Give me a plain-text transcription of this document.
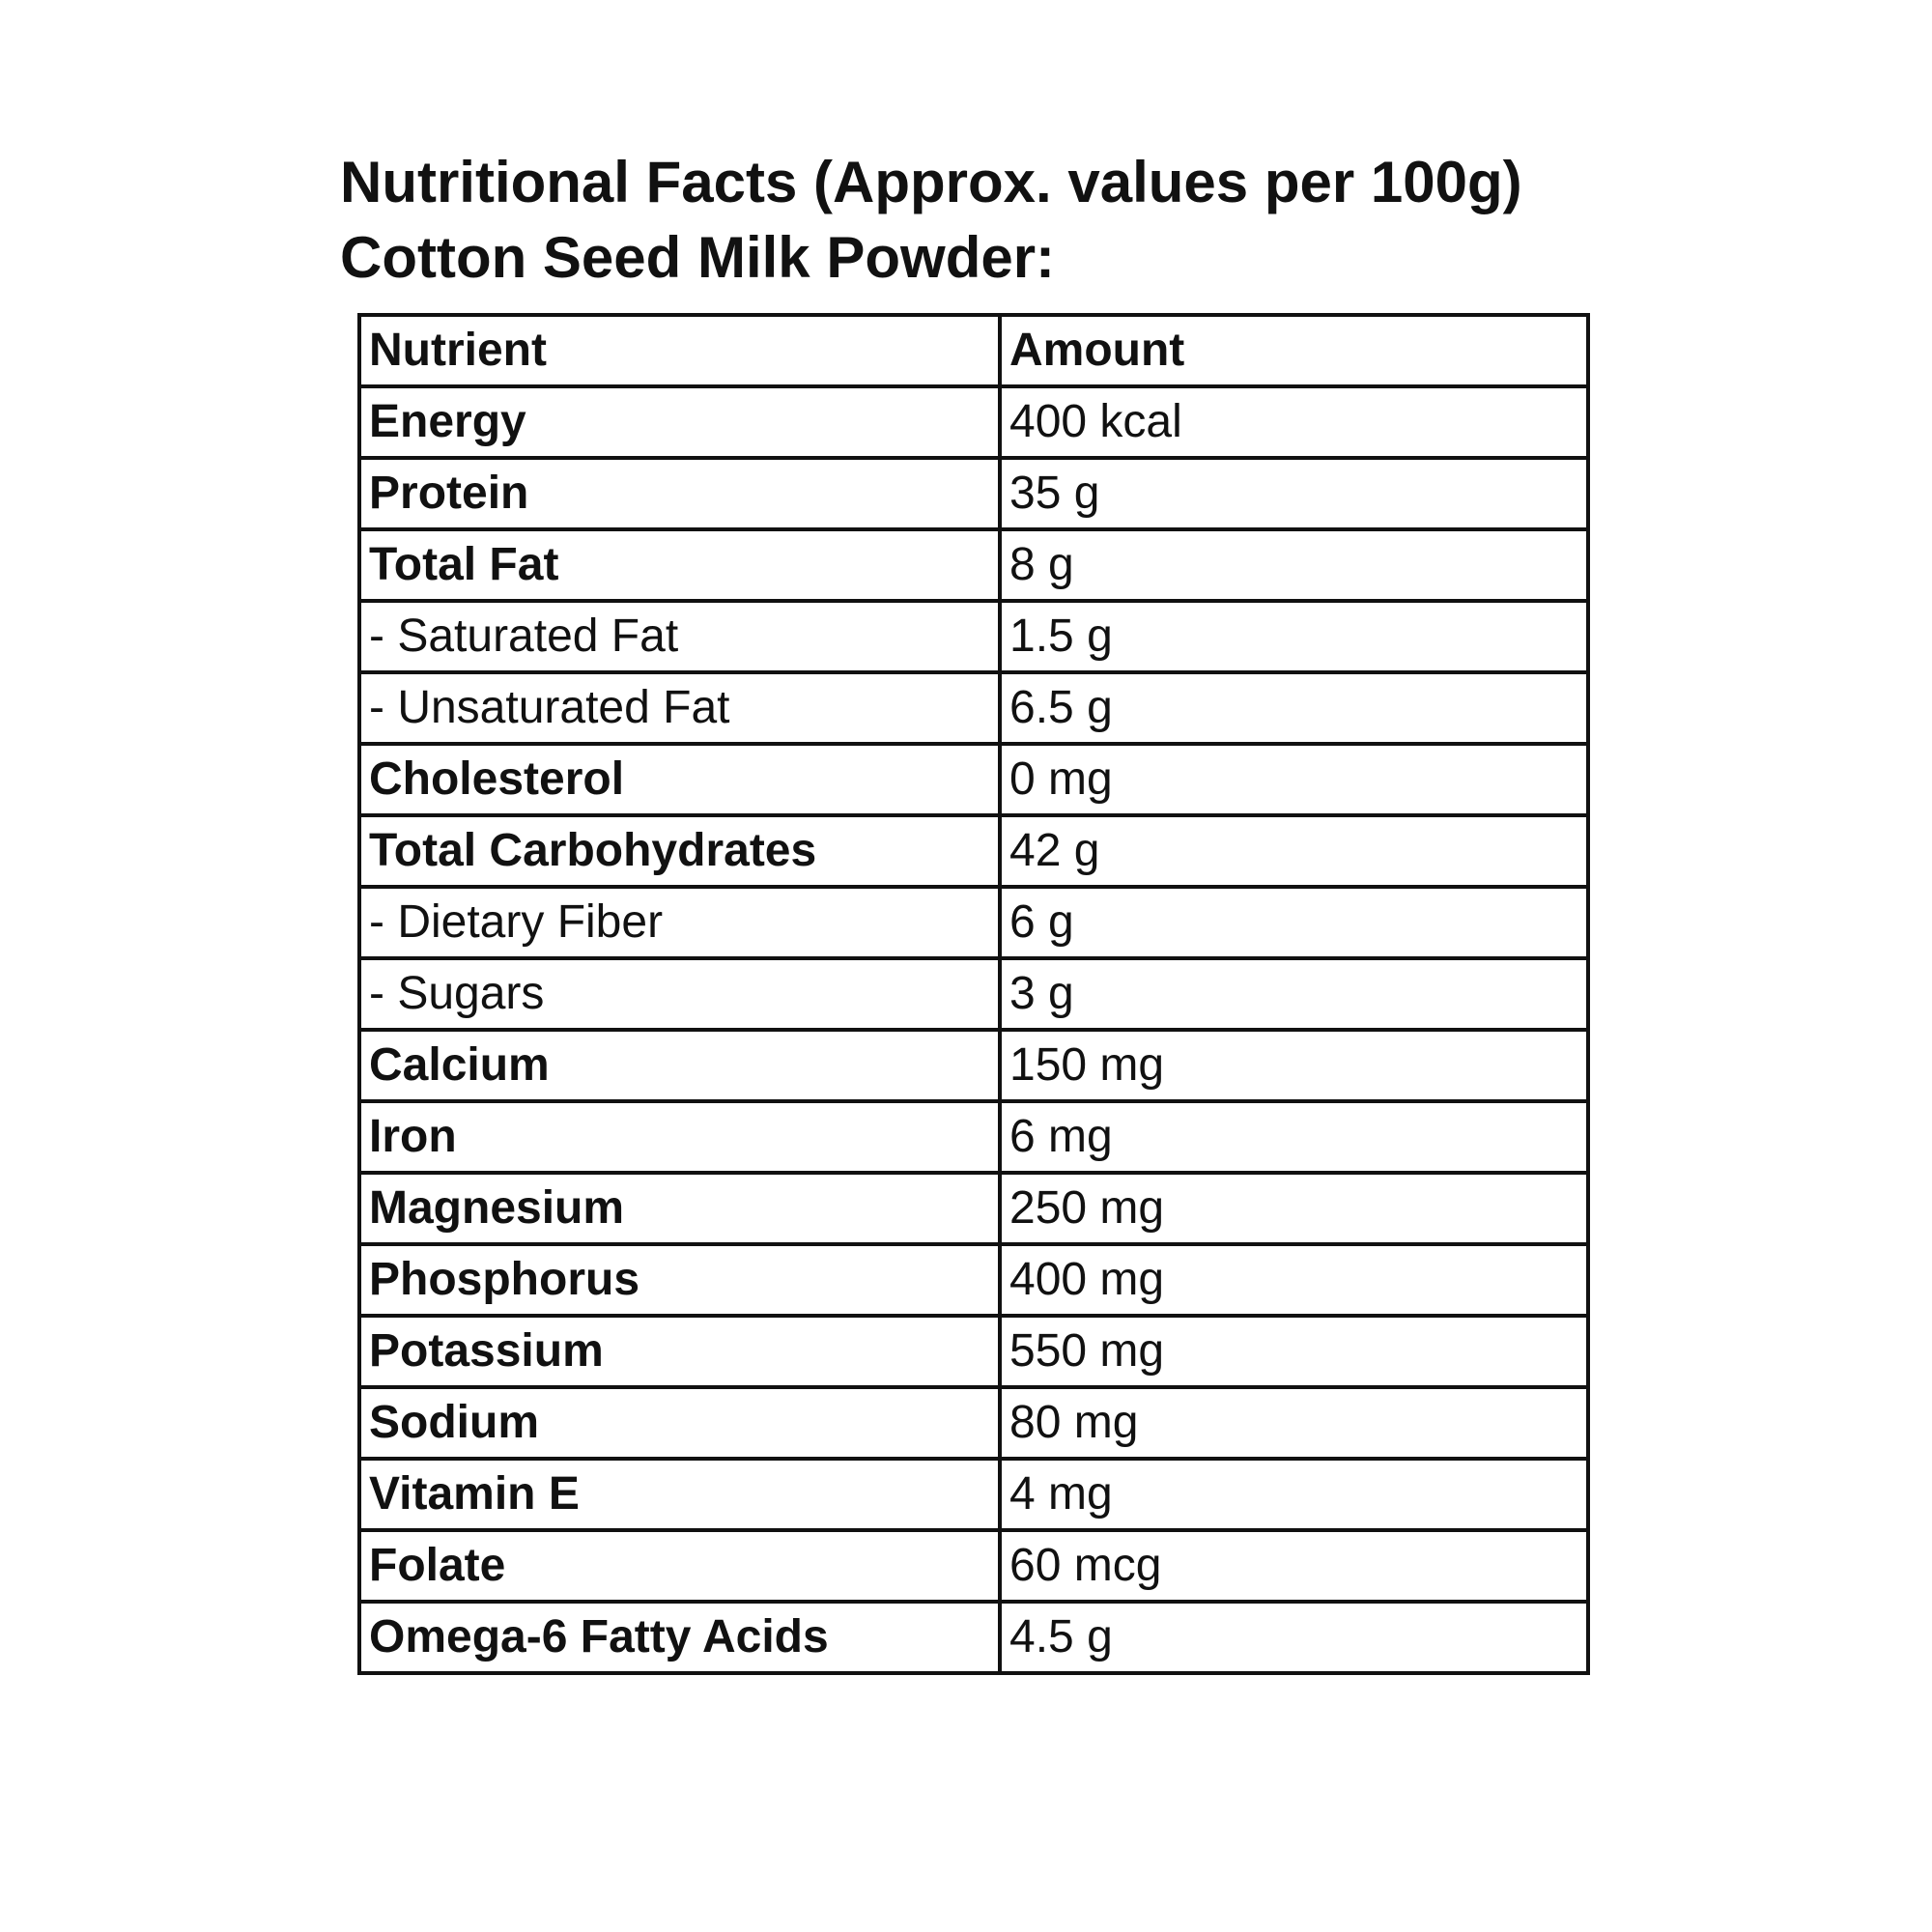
Nutritional Facts (Approx. values per 100g)
Cotton Seed Milk Powder:
Nutrient	Amount
Energy	400 kcal
Protein	35 g
Total Fat	8 g
- Saturated Fat	1.5 g
- Unsaturated Fat	6.5 g
Cholesterol	0 mg
Total Carbohydrates	42 g
- Dietary Fiber	6 g
- Sugars	3 g
Calcium	150 mg
Iron	6 mg
Magnesium	250 mg
Phosphorus	400 mg
Potassium	550 mg
Sodium	80 mg
Vitamin E	4 mg
Folate	60 mcg
Omega-6 Fatty Acids	4.5 g
